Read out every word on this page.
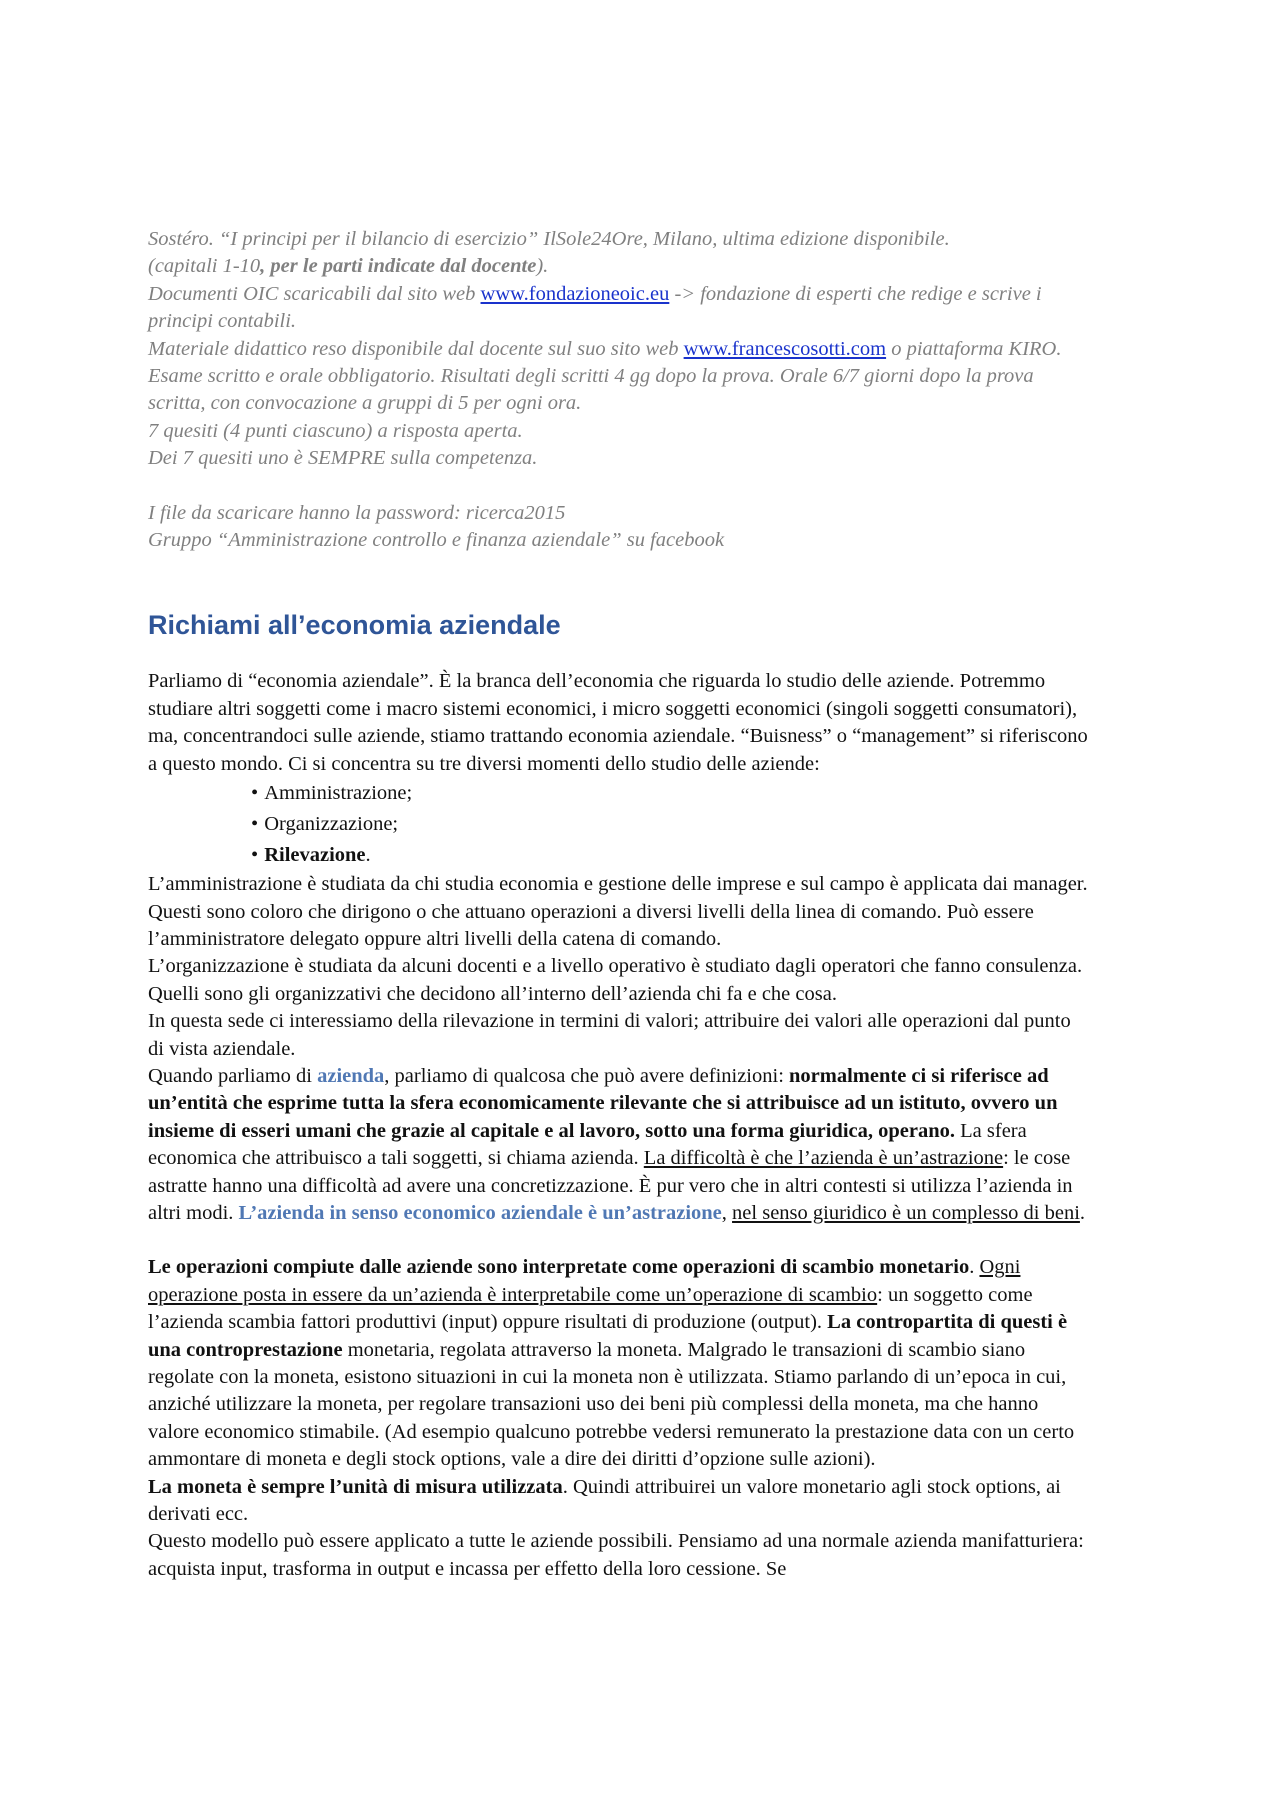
Sostéro. “I principi per il bilancio di esercizio” IlSole24Ore, Milano, ultima edizione disponibile.

(capitali 1-10, per le parti indicate dal docente).

Documenti OIC scaricabili dal sito web www.fondazioneoic.eu -> fondazione di esperti che redige e scrive i principi contabili.

Materiale didattico reso disponibile dal docente sul suo sito web www.francescosotti.com o piattaforma KIRO.

Esame scritto e orale obbligatorio. Risultati degli scritti 4 gg dopo la prova. Orale 6/7 giorni dopo la prova scritta, con convocazione a gruppi di 5 per ogni ora.

7 quesiti (4 punti ciascuno) a risposta aperta.

Dei 7 quesiti uno è SEMPRE sulla competenza.

I file da scaricare hanno la password: ricerca2015

Gruppo “Amministrazione controllo e finanza aziendale” su facebook

Richiami all’economia aziendale

Parliamo di “economia aziendale”. È la branca dell’economia che riguarda lo studio delle aziende. Potremmo studiare altri soggetti come i macro sistemi economici, i micro soggetti economici (singoli soggetti consumatori), ma, concentrandoci sulle aziende, stiamo trattando economia aziendale. “Buisness” o “management” si riferiscono a questo mondo. Ci si concentra su tre diversi momenti dello studio delle aziende:

• Amministrazione;
• Organizzazione;
• Rilevazione.

L’amministrazione è studiata da chi studia economia e gestione delle imprese e sul campo è applicata dai manager. Questi sono coloro che dirigono o che attuano operazioni a diversi livelli della linea di comando. Può essere l’amministratore delegato oppure altri livelli della catena di comando.

L’organizzazione è studiata da alcuni docenti e a livello operativo è studiato dagli operatori che fanno consulenza. Quelli sono gli organizzativi che decidono all’interno dell’azienda chi fa e che cosa.

In questa sede ci interessiamo della rilevazione in termini di valori; attribuire dei valori alle operazioni dal punto di vista aziendale.

Quando parliamo di azienda, parliamo di qualcosa che può avere definizioni: normalmente ci si riferisce ad un’entità che esprime tutta la sfera economicamente rilevante che si attribuisce ad un istituto, ovvero un insieme di esseri umani che grazie al capitale e al lavoro, sotto una forma giuridica, operano. La sfera economica che attribuisco a tali soggetti, si chiama azienda. La difficoltà è che l’azienda è un’astrazione: le cose astratte hanno una difficoltà ad avere una concretizzazione. È pur vero che in altri contesti si utilizza l’azienda in altri modi. L’azienda in senso economico aziendale è un’astrazione, nel senso giuridico è un complesso di beni.

Le operazioni compiute dalle aziende sono interpretate come operazioni di scambio monetario. Ogni operazione posta in essere da un’azienda è interpretabile come un’operazione di scambio: un soggetto come l’azienda scambia fattori produttivi (input) oppure risultati di produzione (output). La contropartita di questi è una controprestazione monetaria, regolata attraverso la moneta. Malgrado le transazioni di scambio siano regolate con la moneta, esistono situazioni in cui la moneta non è utilizzata. Stiamo parlando di un’epoca in cui, anziché utilizzare la moneta, per regolare transazioni uso dei beni più complessi della moneta, ma che hanno valore economico stimabile. (Ad esempio qualcuno potrebbe vedersi remunerato la prestazione data con un certo ammontare di moneta e degli stock options, vale a dire dei diritti d’opzione sulle azioni).

La moneta è sempre l’unità di misura utilizzata. Quindi attribuirei un valore monetario agli stock options, ai derivati ecc.

Questo modello può essere applicato a tutte le aziende possibili. Pensiamo ad una normale azienda manifatturiera: acquista input, trasforma in output e incassa per effetto della loro cessione. Se
